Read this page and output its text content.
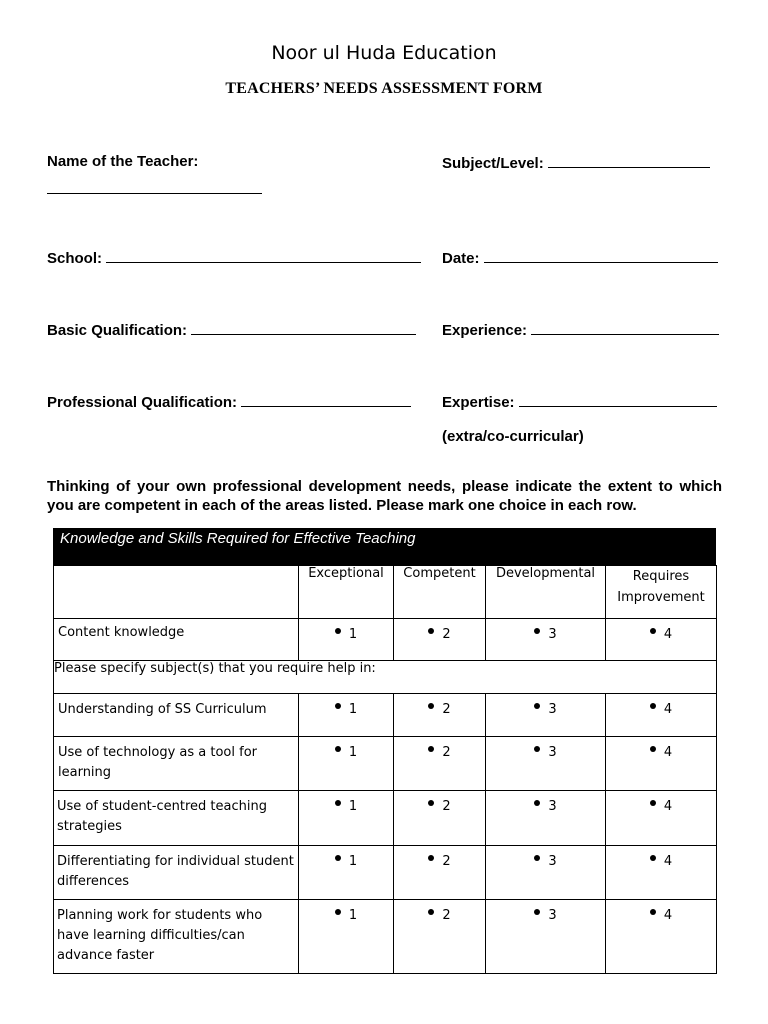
Noor ul Huda Education
TEACHERS’ NEEDS ASSESSMENT FORM
Name of the Teacher:	Subject/Level:
School:	Date:
Basic Qualification:	Experience:
Professional Qualification:	Expertise:
(extra/co-curricular)
Thinking of your own professional development needs, please indicate the extent to which you are competent in each of the areas listed. Please mark one choice in each row.
Knowledge and Skills Required for Effective Teaching
	Exceptional	Competent	Developmental	Requires Improvement
Content knowledge	1	2	3	4
Please specify subject(s) that you require help in:				
Understanding of SS Curriculum	1	2	3	4
Use of technology as a tool for learning	1	2	3	4
Use of student-centred teaching strategies	1	2	3	4
Differentiating for individual student differences	1	2	3	4
Planning work for students who have learning difficulties/can advance faster	1	2	3	4
